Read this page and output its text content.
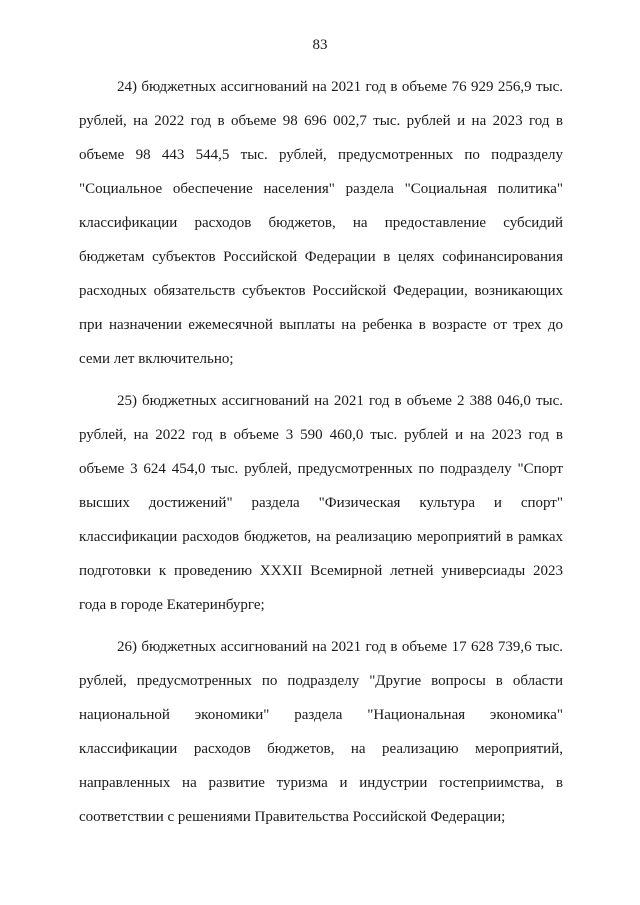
83
24) бюджетных ассигнований на 2021 год в объеме 76 929 256,9 тыс.
рублей, на 2022 год в объеме 98 696 002,7 тыс. рублей и на 2023 год в
объеме 98 443 544,5 тыс. рублей, предусмотренных по подразделу
"Социальное обеспечение населения" раздела "Социальная политика"
классификации расходов бюджетов, на предоставление субсидий
бюджетам субъектов Российской Федерации в целях софинансирования
расходных обязательств субъектов Российской Федерации, возникающих
при назначении ежемесячной выплаты на ребенка в возрасте от трех до
семи лет включительно;
25) бюджетных ассигнований на 2021 год в объеме 2 388 046,0 тыс.
рублей, на 2022 год в объеме 3 590 460,0 тыс. рублей и на 2023 год в
объеме 3 624 454,0 тыс. рублей, предусмотренных по подразделу "Спорт
высших достижений" раздела "Физическая культура и спорт"
классификации расходов бюджетов, на реализацию мероприятий в рамках
подготовки к проведению XXXII Всемирной летней универсиады 2023
года в городе Екатеринбурге;
26) бюджетных ассигнований на 2021 год в объеме 17 628 739,6 тыс.
рублей, предусмотренных по подразделу "Другие вопросы в области
национальной экономики" раздела "Национальная экономика"
классификации расходов бюджетов, на реализацию мероприятий,
направленных на развитие туризма и индустрии гостеприимства, в
соответствии с решениями Правительства Российской Федерации;
